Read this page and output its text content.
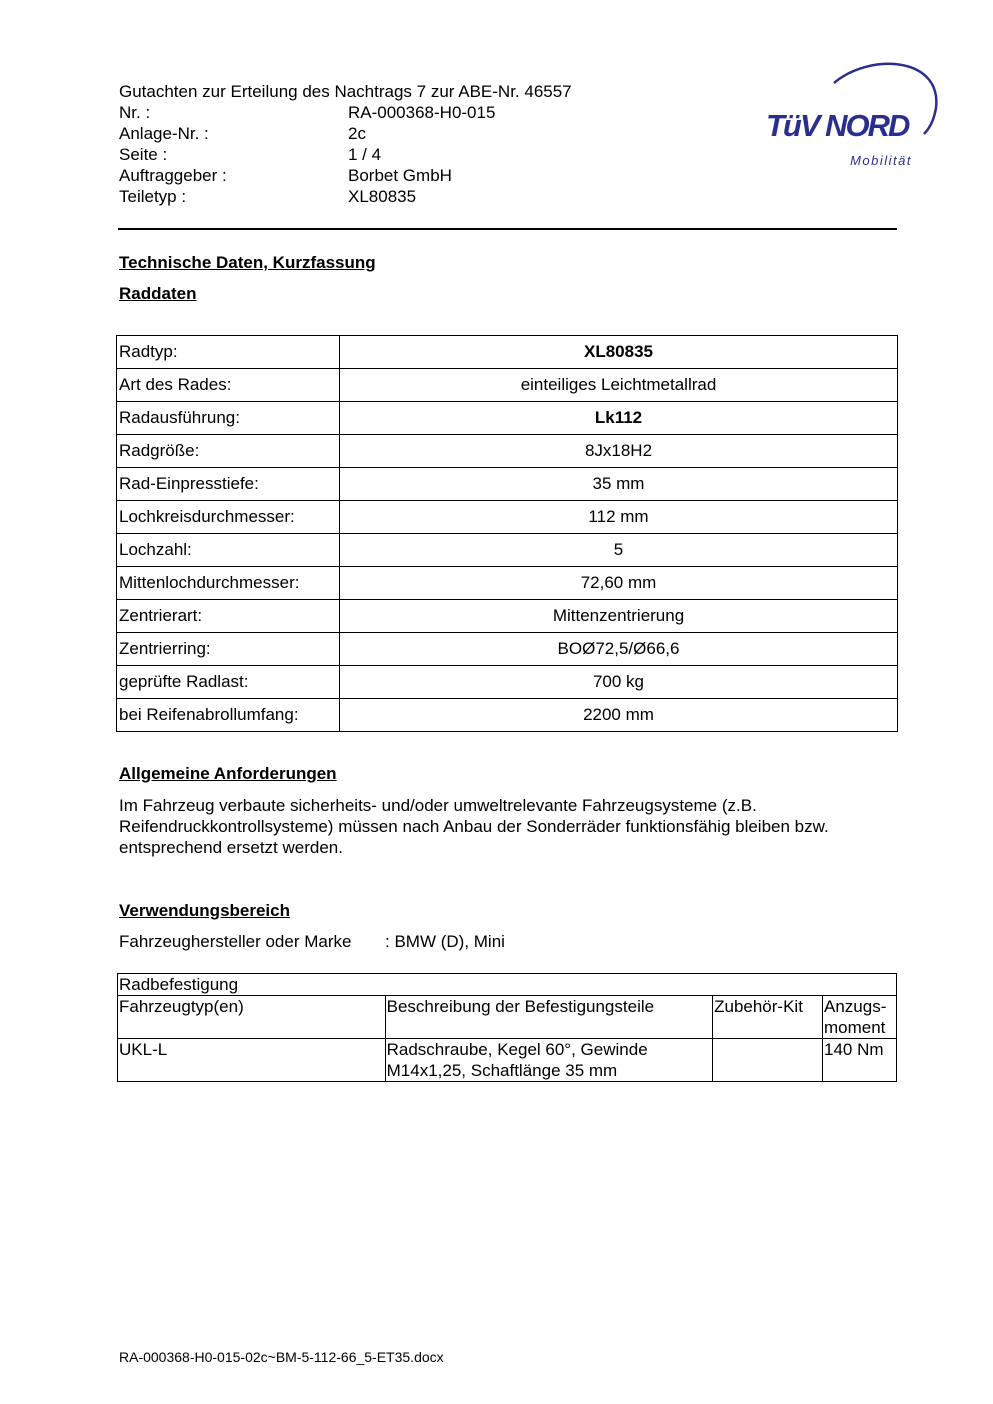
Gutachten zur Erteilung des Nachtrags 7 zur ABE-Nr. 46557
Nr. :	RA-000368-H0-015
Anlage-Nr. :	2c
Seite :	1 / 4
Auftraggeber :	Borbet GmbH
Teiletyp :	XL80835
TüV NORD
Mobilität
Technische Daten, Kurzfassung
Raddaten
Radtyp:	XL80835
Art des Rades:	einteiliges Leichtmetallrad
Radausführung:	Lk112
Radgröße:	8Jx18H2
Rad-Einpresstiefe:	35 mm
Lochkreisdurchmesser:	112 mm
Lochzahl:	5
Mittenlochdurchmesser:	72,60 mm
Zentrierart:	Mittenzentrierung
Zentrierring:	BOØ72,5/Ø66,6
geprüfte Radlast:	700 kg
bei Reifenabrollumfang:	2200 mm
Allgemeine Anforderungen
Im Fahrzeug verbaute sicherheits- und/oder umweltrelevante Fahrzeugsysteme (z.B. Reifendruckkontrollsysteme) müssen nach Anbau der Sonderräder funktionsfähig bleiben bzw. entsprechend ersetzt werden.
Verwendungsbereich
Fahrzeughersteller oder Marke	: BMW (D), Mini
Radbefestigung			
Fahrzeugtyp(en)	Beschreibung der Befestigungsteile	Zubehör-Kit	Anzugs-
moment
UKL-L	Radschraube, Kegel 60°, Gewinde M14x1,25, Schaftlänge 35 mm		140 Nm
RA-000368-H0-015-02c~BM-5-112-66_5-ET35.docx
